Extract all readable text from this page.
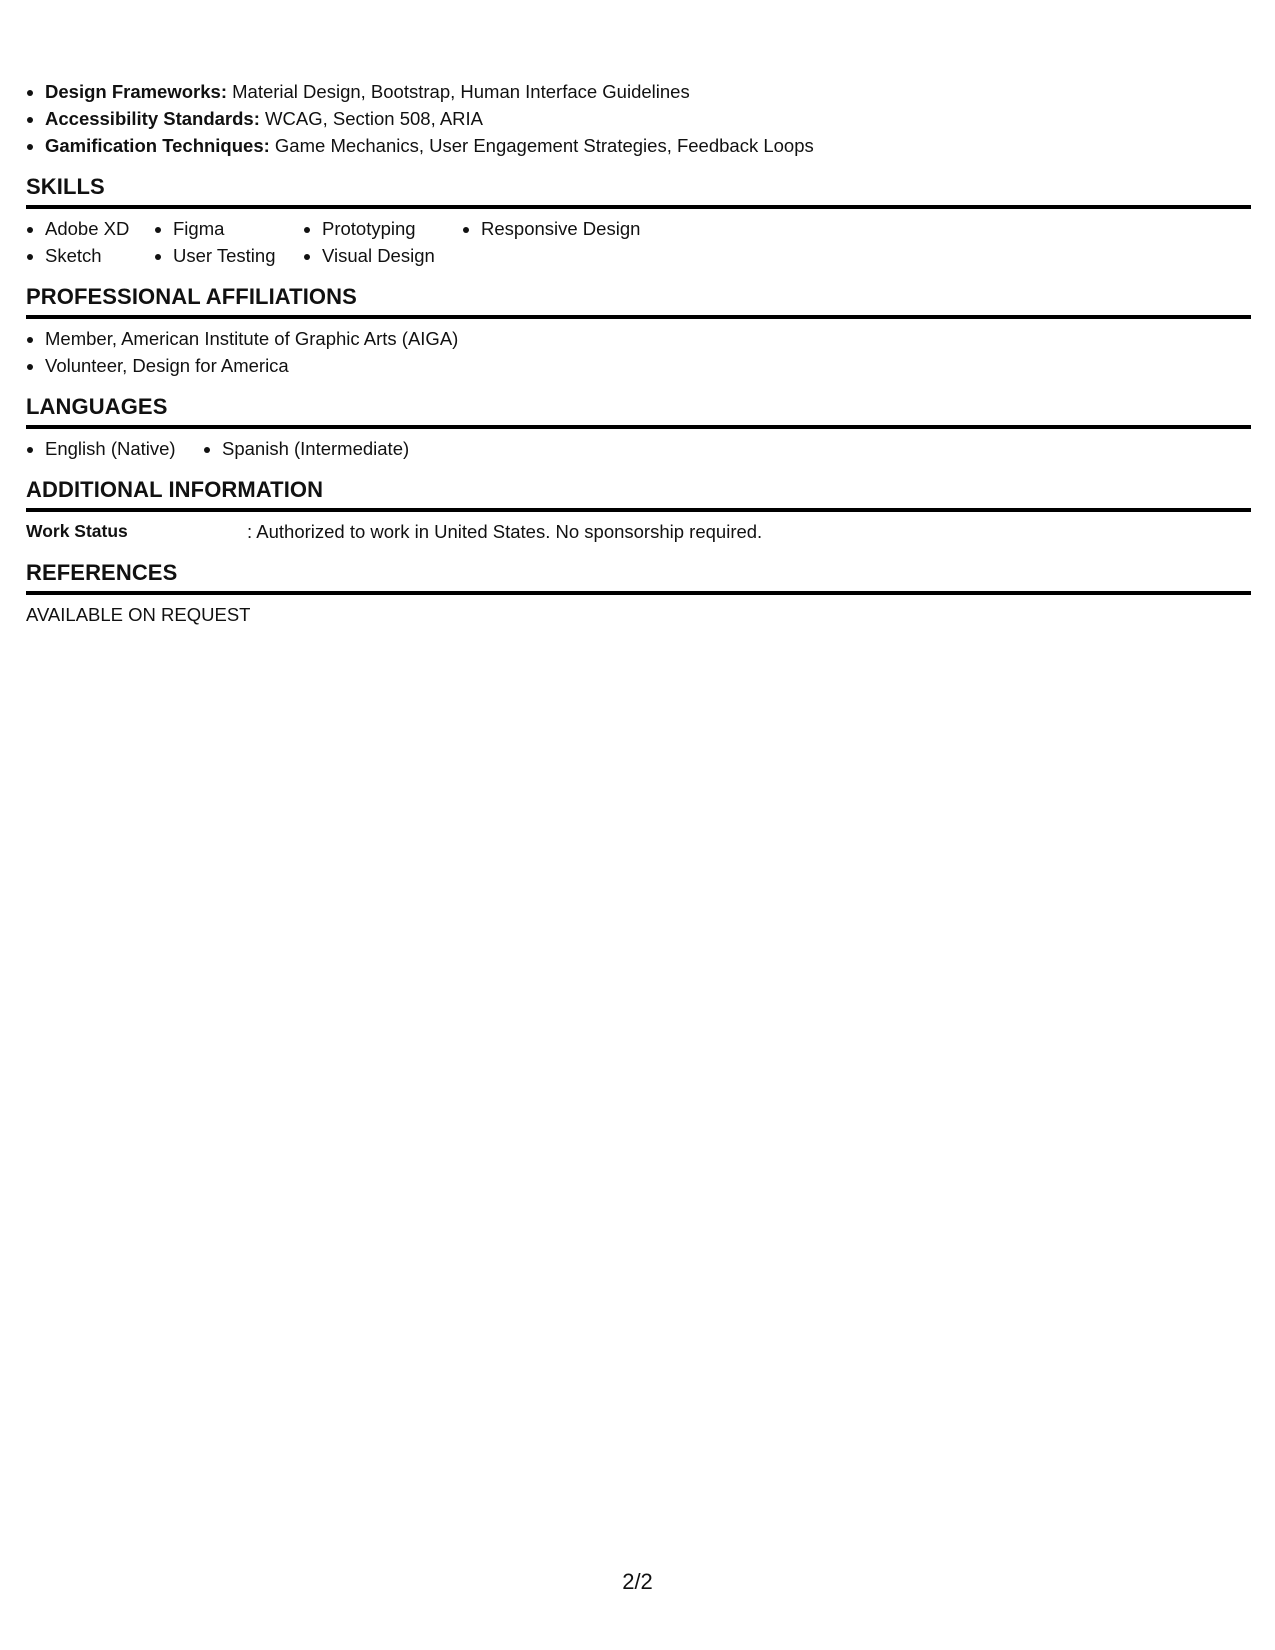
• Design Frameworks: Material Design, Bootstrap, Human Interface Guidelines
• Accessibility Standards: WCAG, Section 508, ARIA
• Gamification Techniques: Game Mechanics, User Engagement Strategies, Feedback Loops
SKILLS
• Adobe XD
• Sketch
• Figma
• User Testing
• Prototyping
• Visual Design
• Responsive Design
PROFESSIONAL AFFILIATIONS
• Member, American Institute of Graphic Arts (AIGA)
• Volunteer, Design for America
LANGUAGES
• English (Native)
•	Spanish (Intermediate)
ADDITIONAL INFORMATION
Work Status	: Authorized to work in United States. No sponsorship required.
REFERENCES
AVAILABLE ON REQUEST
2/2
